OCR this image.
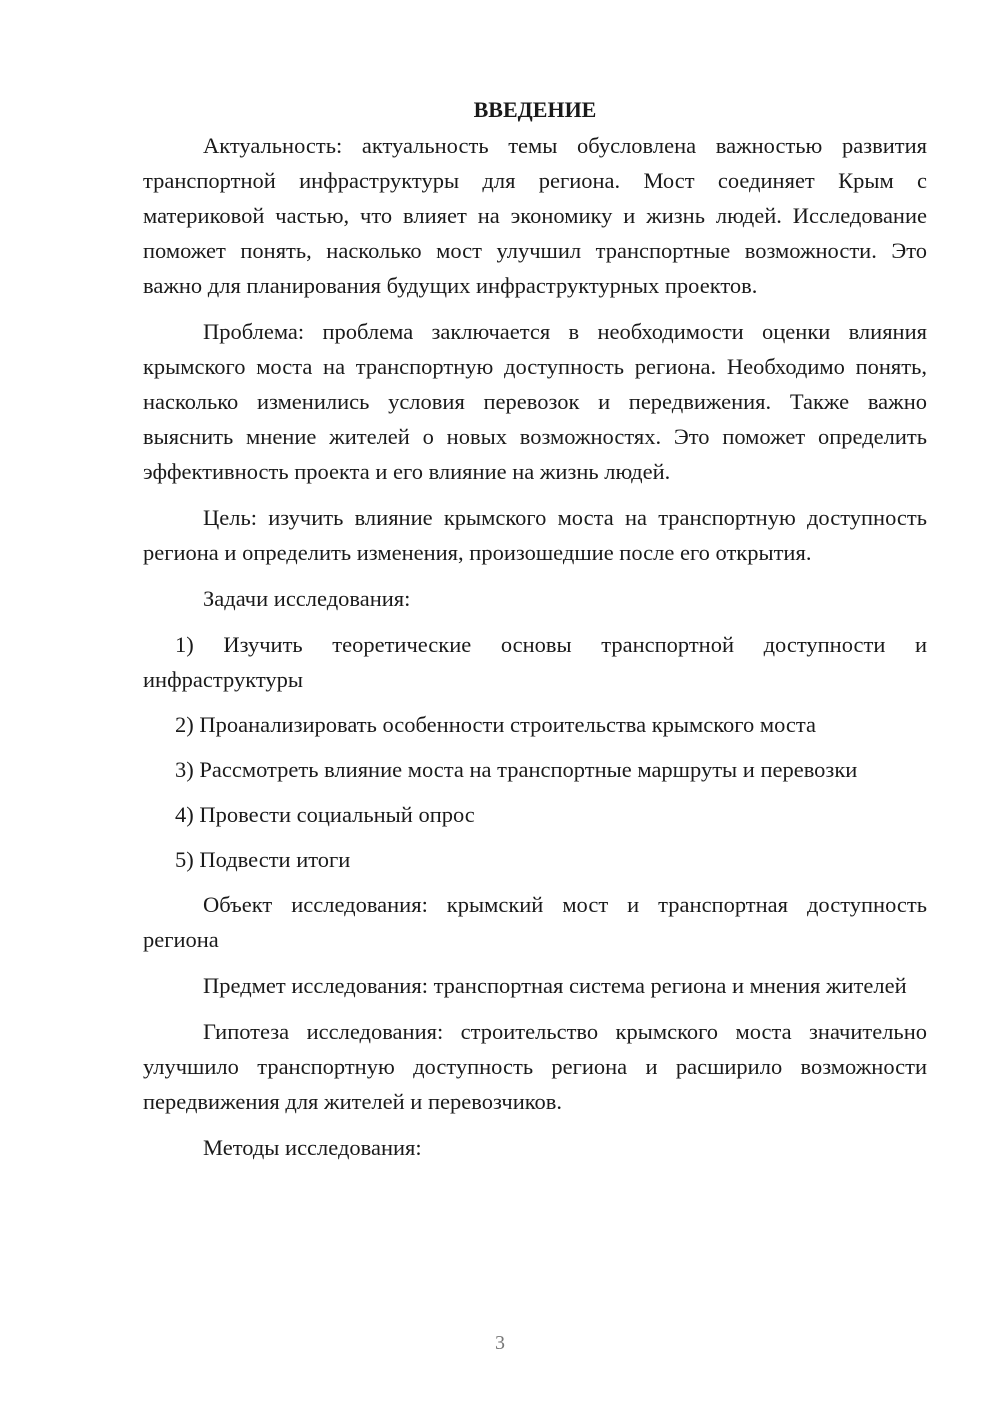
ВВЕДЕНИЕ

Актуальность: актуальность темы обусловлена важностью развития транспортной инфраструктуры для региона. Мост соединяет Крым с материковой частью, что влияет на экономику и жизнь людей. Исследование поможет понять, насколько мост улучшил транспортные возможности. Это важно для планирования будущих инфраструктурных проектов.

Проблема: проблема заключается в необходимости оценки влияния крымского моста на транспортную доступность региона. Необходимо понять, насколько изменились условия перевозок и передвижения. Также важно выяснить мнение жителей о новых возможностях. Это поможет определить эффективность проекта и его влияние на жизнь людей.

Цель: изучить влияние крымского моста на транспортную доступность региона и определить изменения, произошедшие после его открытия.

Задачи исследования:

1) Изучить теоретические основы транспортной доступности и инфраструктуры

2) Проанализировать особенности строительства крымского моста

3) Рассмотреть влияние моста на транспортные маршруты и перевозки

4) Провести социальный опрос

5) Подвести итоги

Объект исследования: крымский мост и транспортная доступность региона

Предмет исследования: транспортная система региона и мнения жителей

Гипотеза исследования: строительство крымского моста значительно улучшило транспортную доступность региона и расширило возможности передвижения для жителей и перевозчиков.

Методы исследования:

3
